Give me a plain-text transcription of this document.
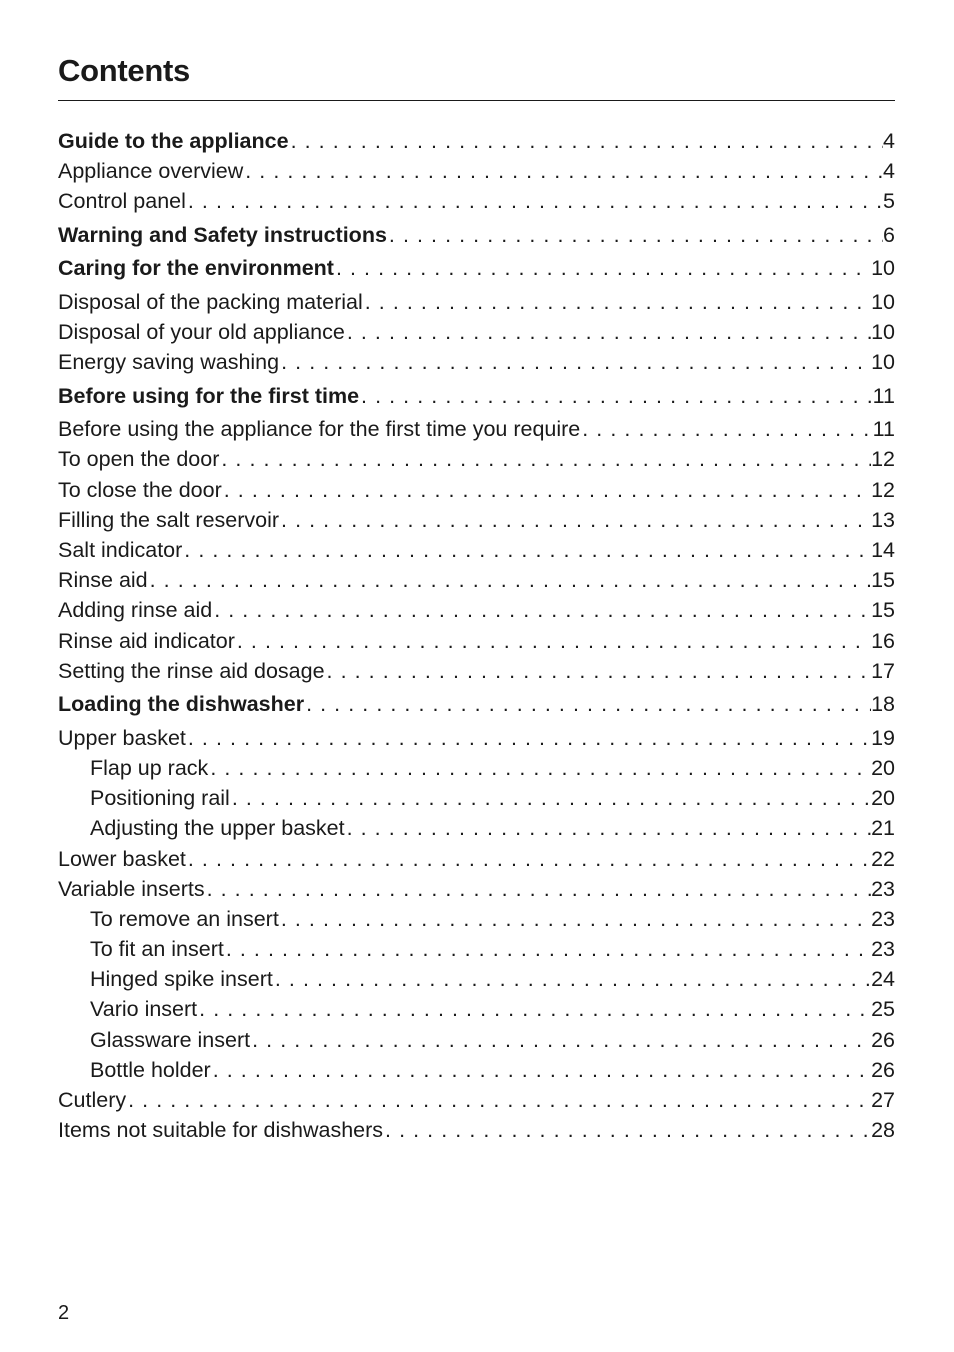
Contents
Guide to the appliance . . .	4
Appliance overview . . .	4
Control panel . . .	5
Warning and Safety instructions . . .	6
Caring for the environment . . .	10
Disposal of the packing material . . .	10
Disposal of your old appliance . . .	10
Energy saving washing . . .	10
Before using for the first time . . .	11
Before using the appliance for the first time you require . . .	11
To open the door . . .	12
To close the door . . .	12
Filling the salt reservoir . . .	13
Salt indicator . . .	14
Rinse aid . . .	15
Adding rinse aid . . .	15
Rinse aid indicator . . .	16
Setting the rinse aid dosage . . .	17
Loading the dishwasher . . .	18
Upper basket . . .	19
Flap up rack . . .	20
Positioning rail . . .	20
Adjusting the upper basket . . .	21
Lower basket . . .	22
Variable inserts . . .	23
To remove an insert . . .	23
To fit an insert . . .	23
Hinged spike insert . . .	24
Vario insert . . .	25
Glassware insert . . .	26
Bottle holder . . .	26
Cutlery . . .	27
Items not suitable for dishwashers . . .	28
2
